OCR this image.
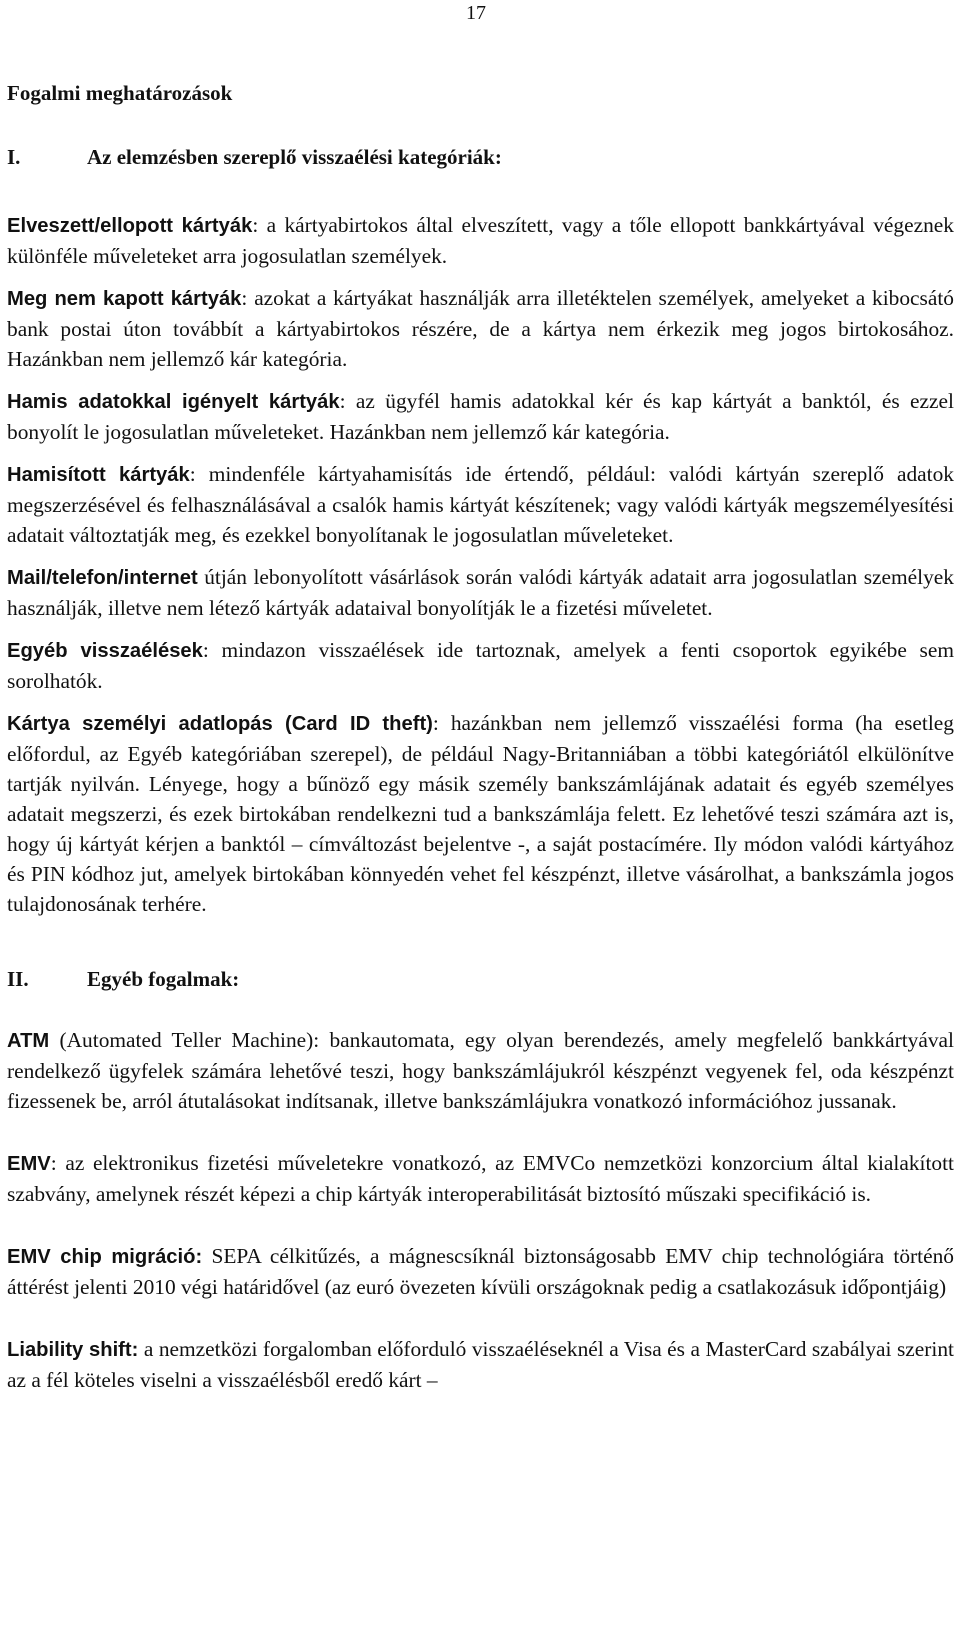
17
Fogalmi meghatározások
I.	Az elemzésben szereplő visszaélési kategóriák:

Elveszett/ellopott kártyák: a kártyabirtokos által elveszített, vagy a tőle ellopott bankkártyával végeznek különféle műveleteket arra jogosulatlan személyek.

Meg nem kapott kártyák: azokat a kártyákat használják arra illetéktelen személyek, amelyeket a kibocsátó bank postai úton továbbít a kártyabirtokos részére, de a kártya nem érkezik meg jogos birtokosához. Hazánkban nem jellemző kár kategória.

Hamis adatokkal igényelt kártyák: az ügyfél hamis adatokkal kér és kap kártyát a banktól, és ezzel bonyolít le jogosulatlan műveleteket. Hazánkban nem jellemző kár kategória.

Hamisított kártyák: mindenféle kártyahamisítás ide értendő, például: valódi kártyán szereplő adatok megszerzésével és felhasználásával a csalók hamis kártyát készítenek; vagy valódi kártyák megszemélyesítési adatait változtatják meg, és ezekkel bonyolítanak le jogosulatlan műveleteket.

Mail/telefon/internet útján lebonyolított vásárlások során valódi kártyák adatait arra jogosulatlan személyek használják, illetve nem létező kártyák adataival bonyolítják le a fizetési műveletet.

Egyéb visszaélések: mindazon visszaélések ide tartoznak, amelyek a fenti csoportok egyikébe sem sorolhatók.

Kártya személyi adatlopás (Card ID theft): hazánkban nem jellemző visszaélési forma (ha esetleg előfordul, az Egyéb kategóriában szerepel), de például Nagy-Britanniában a többi kategóriától elkülönítve tartják nyilván. Lényege, hogy a bűnöző egy másik személy bankszámlájának adatait és egyéb személyes adatait megszerzi, és ezek birtokában rendelkezni tud a bankszámlája felett. Ez lehetővé teszi számára azt is, hogy új kártyát kérjen a banktól – címváltozást bejelentve -, a saját postacímére. Ily módon valódi kártyához és PIN kódhoz jut, amelyek birtokában könnyedén vehet fel készpénzt, illetve vásárolhat, a bankszámla jogos tulajdonosának terhére.

II.	Egyéb fogalmak:

ATM (Automated Teller Machine): bankautomata, egy olyan berendezés, amely megfelelő bankkártyával rendelkező ügyfelek számára lehetővé teszi, hogy bankszámlájukról készpénzt vegyenek fel, oda készpénzt fizessenek be, arról átutalásokat indítsanak, illetve bankszámlájukra vonatkozó információhoz jussanak.

EMV: az elektronikus fizetési műveletekre vonatkozó, az EMVCo nemzetközi konzorcium által kialakított szabvány, amelynek részét képezi a chip kártyák interoperabilitását biztosító műszaki specifikáció is.

EMV chip migráció: SEPA célkitűzés, a mágnescsíknál biztonságosabb EMV chip technológiára történő áttérést jelenti 2010 végi határidővel (az euró övezeten kívüli országoknak pedig a csatlakozásuk időpontjáig)

Liability shift: a nemzetközi forgalomban előforduló visszaéléseknél a Visa és a MasterCard szabályai szerint az a fél köteles viselni a visszaélésből eredő kárt –
